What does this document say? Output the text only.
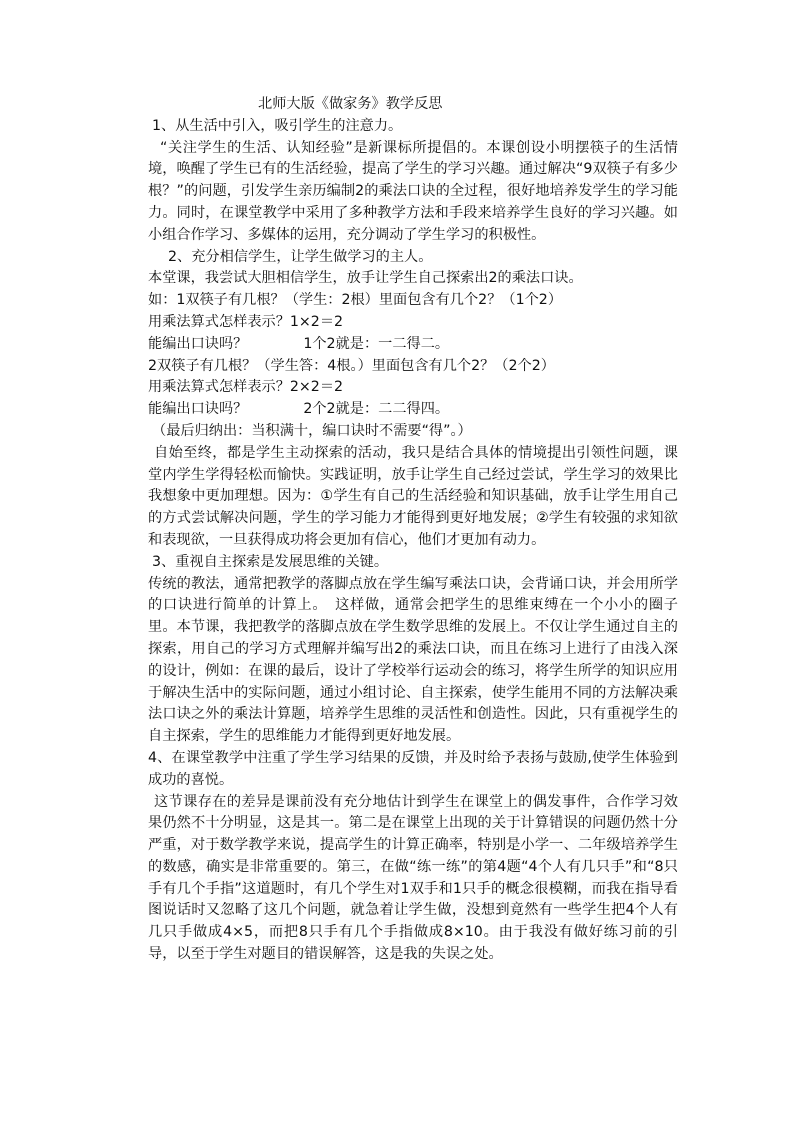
北师大版《做家务》教学反思

1、从生活中引入，吸引学生的注意力。

“关注学生的生活、认知经验”是新课标所提倡的。本课创设小明摆筷子的生活情境，唤醒了学生已有的生活经验，提高了学生的学习兴趣。通过解决“9双筷子有多少根？”的问题，引发学生亲历编制2的乘法口诀的全过程，很好地培养发学生的学习能力。同时，在课堂教学中采用了多种教学方法和手段来培养学生良好的学习兴趣。如小组合作学习、多媒体的运用，充分调动了学生学习的积极性。

2、充分相信学生，让学生做学习的主人。

本堂课，我尝试大胆相信学生，放手让学生自己探索出2的乘法口诀。

如：1双筷子有几根？（学生：2根）里面包含有几个2？（1个2）

用乘法算式怎样表示？1×2＝2

能编出口诀吗？	1个2就是：一二得二。

2双筷子有几根？（学生答：4根。）里面包含有几个2？（2个2）

用乘法算式怎样表示？2×2＝2

能编出口诀吗？	2个2就是：二二得四。

（最后归纳出：当积满十，编口诀时不需要“得”。）

自始至终，都是学生主动探索的活动，我只是结合具体的情境提出引领性问题，课堂内学生学得轻松而愉快。实践证明，放手让学生自己经过尝试，学生学习的效果比我想象中更加理想。因为：①学生有自己的生活经验和知识基础，放手让学生用自己的方式尝试解决问题，学生的学习能力才能得到更好地发展；②学生有较强的求知欲和表现欲，一旦获得成功将会更加有信心，他们才更加有动力。

3、重视自主探索是发展思维的关键。

传统的教法，通常把教学的落脚点放在学生编写乘法口诀，会背诵口诀，并会用所学的口诀进行简单的计算上。　这样做，通常会把学生的思维束缚在一个小小的圈子里。本节课，我把教学的落脚点放在学生数学思维的发展上。不仅让学生通过自主的探索，用自己的学习方式理解并编写出2的乘法口诀，而且在练习上进行了由浅入深的设计，例如：在课的最后，设计了学校举行运动会的练习，将学生所学的知识应用于解决生活中的实际问题，通过小组讨论、自主探索，使学生能用不同的方法解决乘法口诀之外的乘法计算题，培养学生思维的灵活性和创造性。因此，只有重视学生的自主探索，学生的思维能力才能得到更好地发展。

4、在课堂教学中注重了学生学习结果的反馈，并及时给予表扬与鼓励,使学生体验到成功的喜悦。

这节课存在的差异是课前没有充分地估计到学生在课堂上的偶发事件，合作学习效果仍然不十分明显，这是其一。第二是在课堂上出现的关于计算错误的问题仍然十分严重，对于数学教学来说，提高学生的计算正确率，特别是小学一、二年级培养学生的数感，确实是非常重要的。第三，在做“练一练”的第4题“4个人有几只手”和“8只手有几个手指”这道题时，有几个学生对1双手和1只手的概念很模糊，而我在指导看图说话时又忽略了这几个问题，就急着让学生做，没想到竟然有一些学生把4个人有几只手做成4×5，而把8只手有几个手指做成8×10。由于我没有做好练习前的引导，以至于学生对题目的错误解答，这是我的失误之处。
